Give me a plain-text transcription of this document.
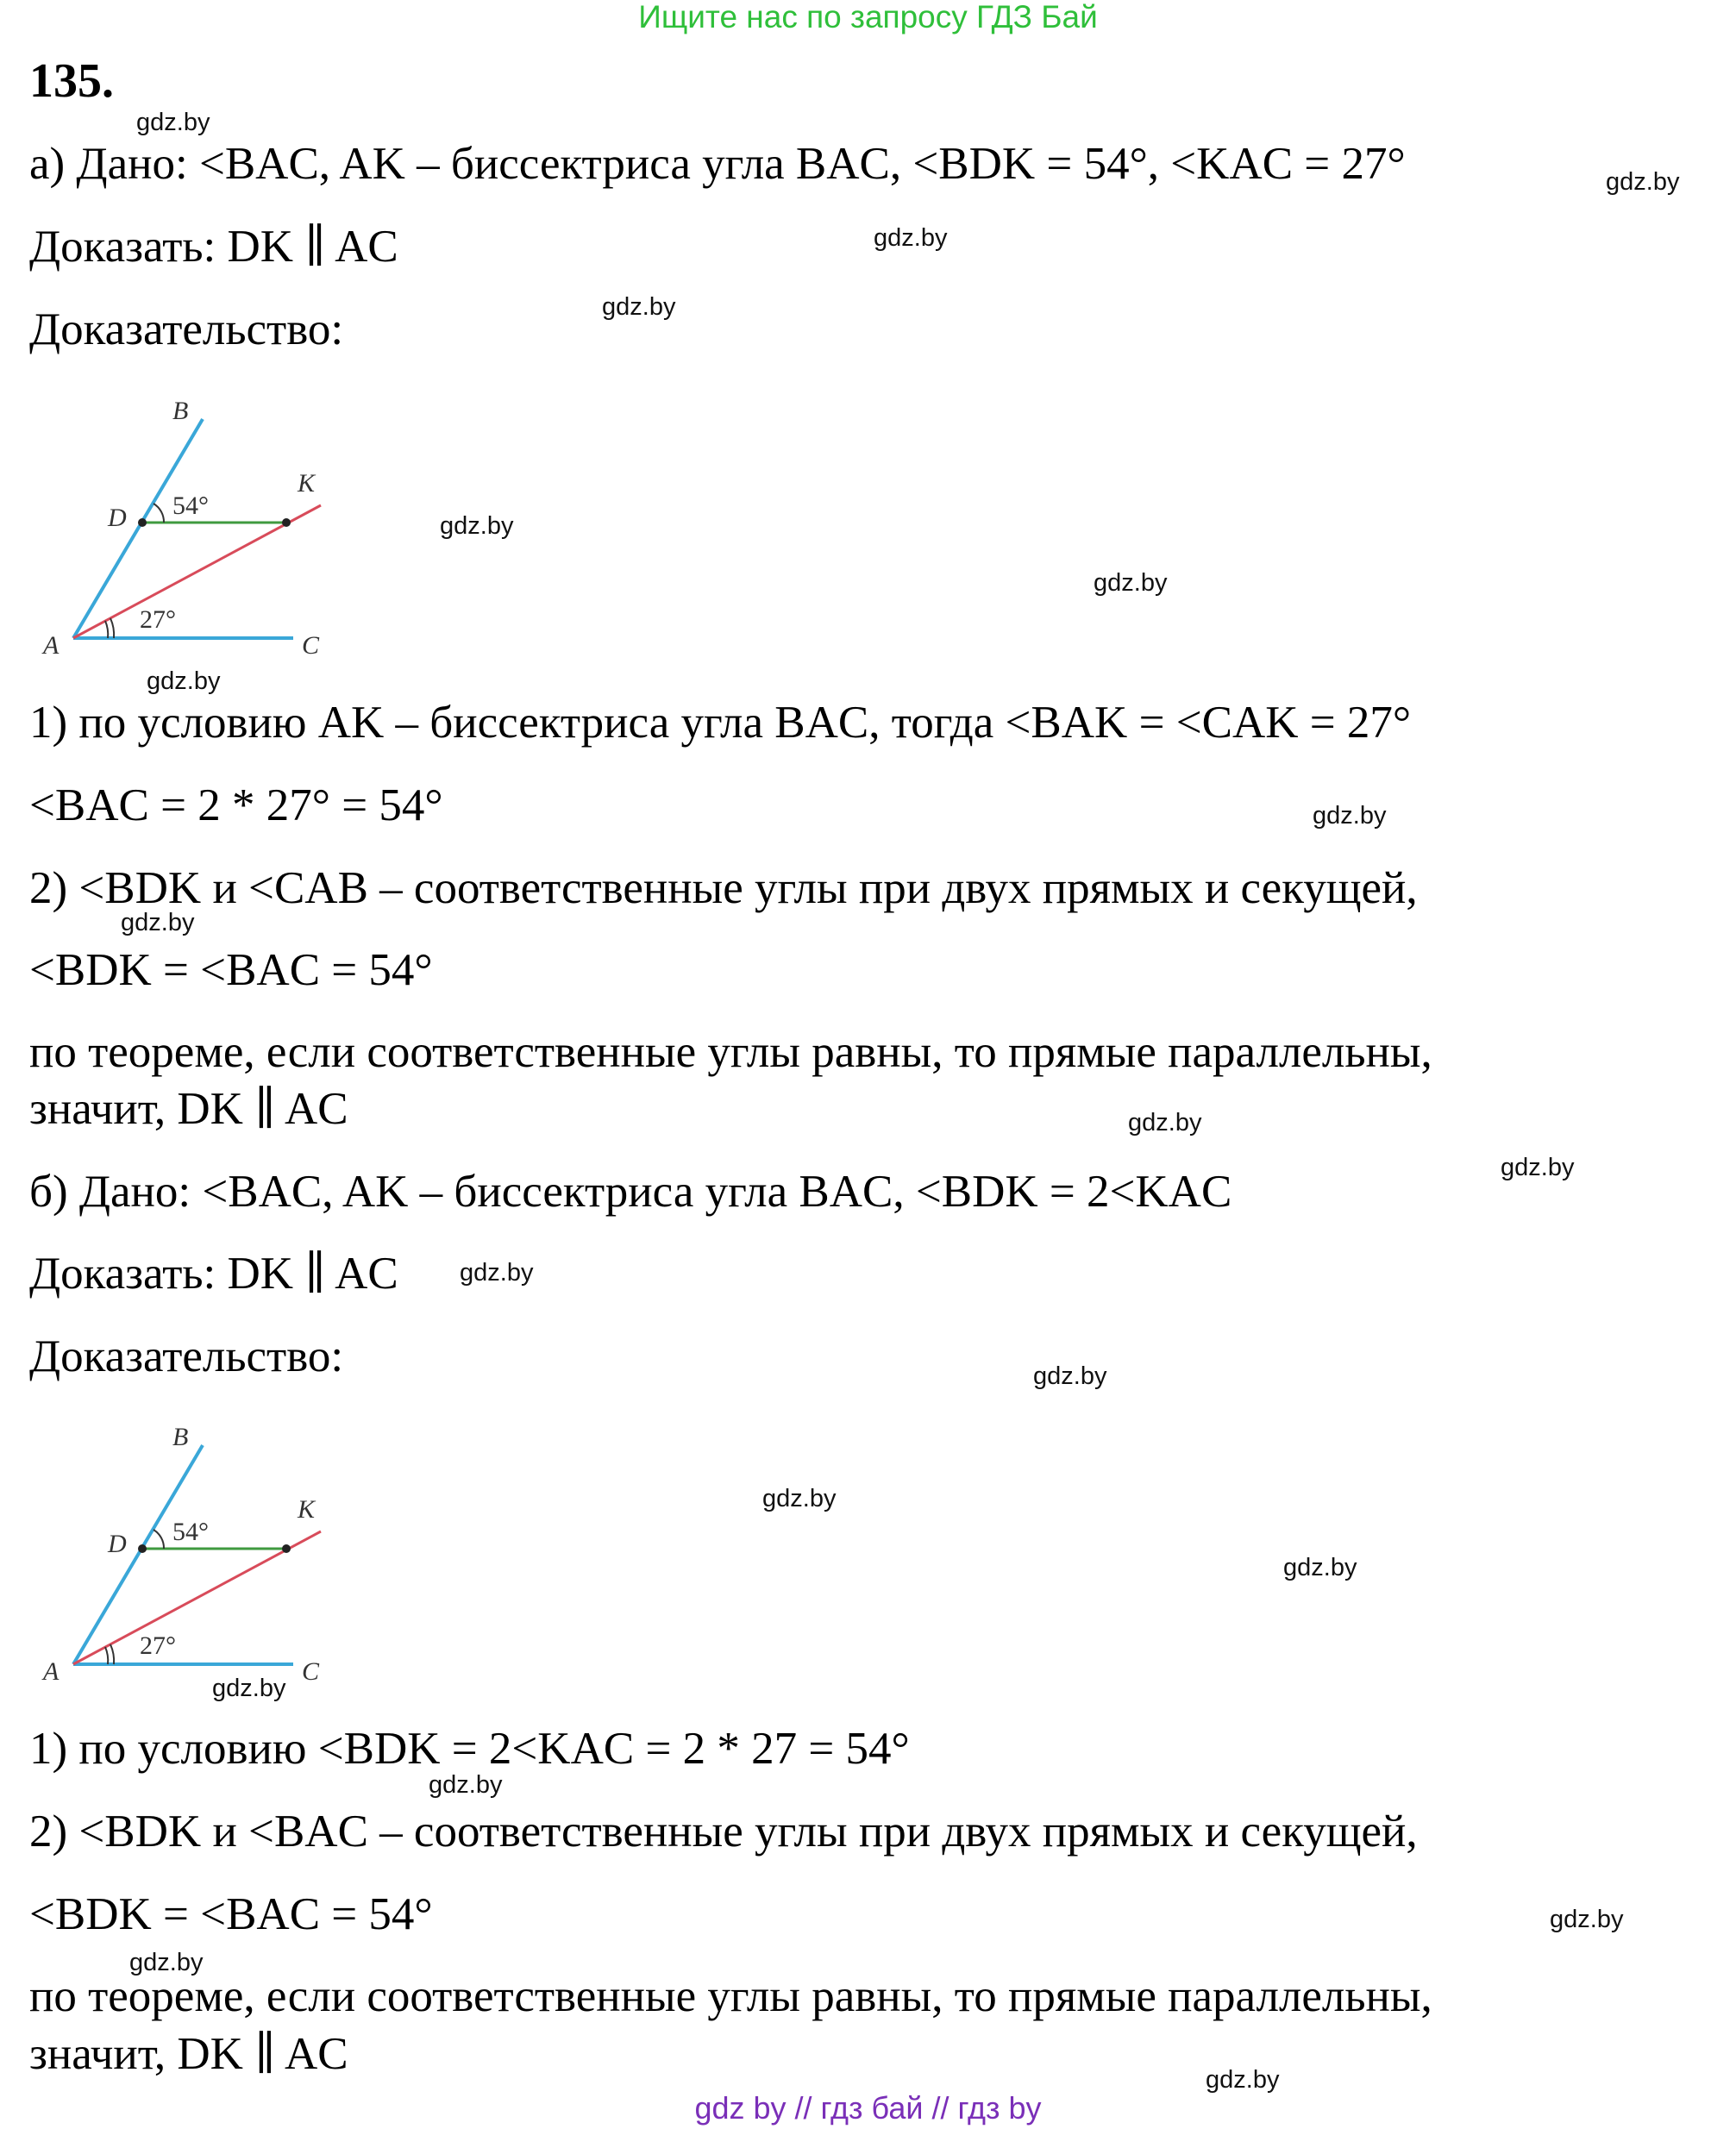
Ищите нас по запросу ГДЗ Бай
135.
а) Дано: <BAC, AK – биссектриса угла BAC, <BDK = 54°, <KAC = 27°
Доказать: DK ∥ AC
Доказательство:
B
K
D
A	C
54°
27°
1) по условию AK – биссектриса угла BAC, тогда <BAK = <CAK = 27°
<BAC = 2 * 27° = 54°
2) <BDK и <CAB – соответственные углы при двух прямых и секущей,
<BDK = <BAC = 54°
по теореме, если соответственные углы равны, то прямые параллельны,
значит, DK ∥ AC
б) Дано: <BAC, AK – биссектриса угла BAC, <BDK = 2<KAC
Доказать: DK ∥ AC
Доказательство:
B
K
D
A	C
54°
27°
1) по условию <BDK = 2<KAC = 2 * 27 = 54°
2) <BDK и <BAC – соответственные углы при двух прямых и секущей,
<BDK = <BAC = 54°
по теореме, если соответственные углы равны, то прямые параллельны,
значит, DK ∥ AC
gdz.by
gdz.by
gdz.by
gdz.by
gdz.by
gdz.by
gdz.by
gdz.by
gdz.by
gdz.by
gdz.by
gdz.by
gdz.by
gdz.by
gdz.by
gdz.by
gdz.by
gdz.by
gdz.by
gdz.by
gdz by // гдз бай // гдз by
